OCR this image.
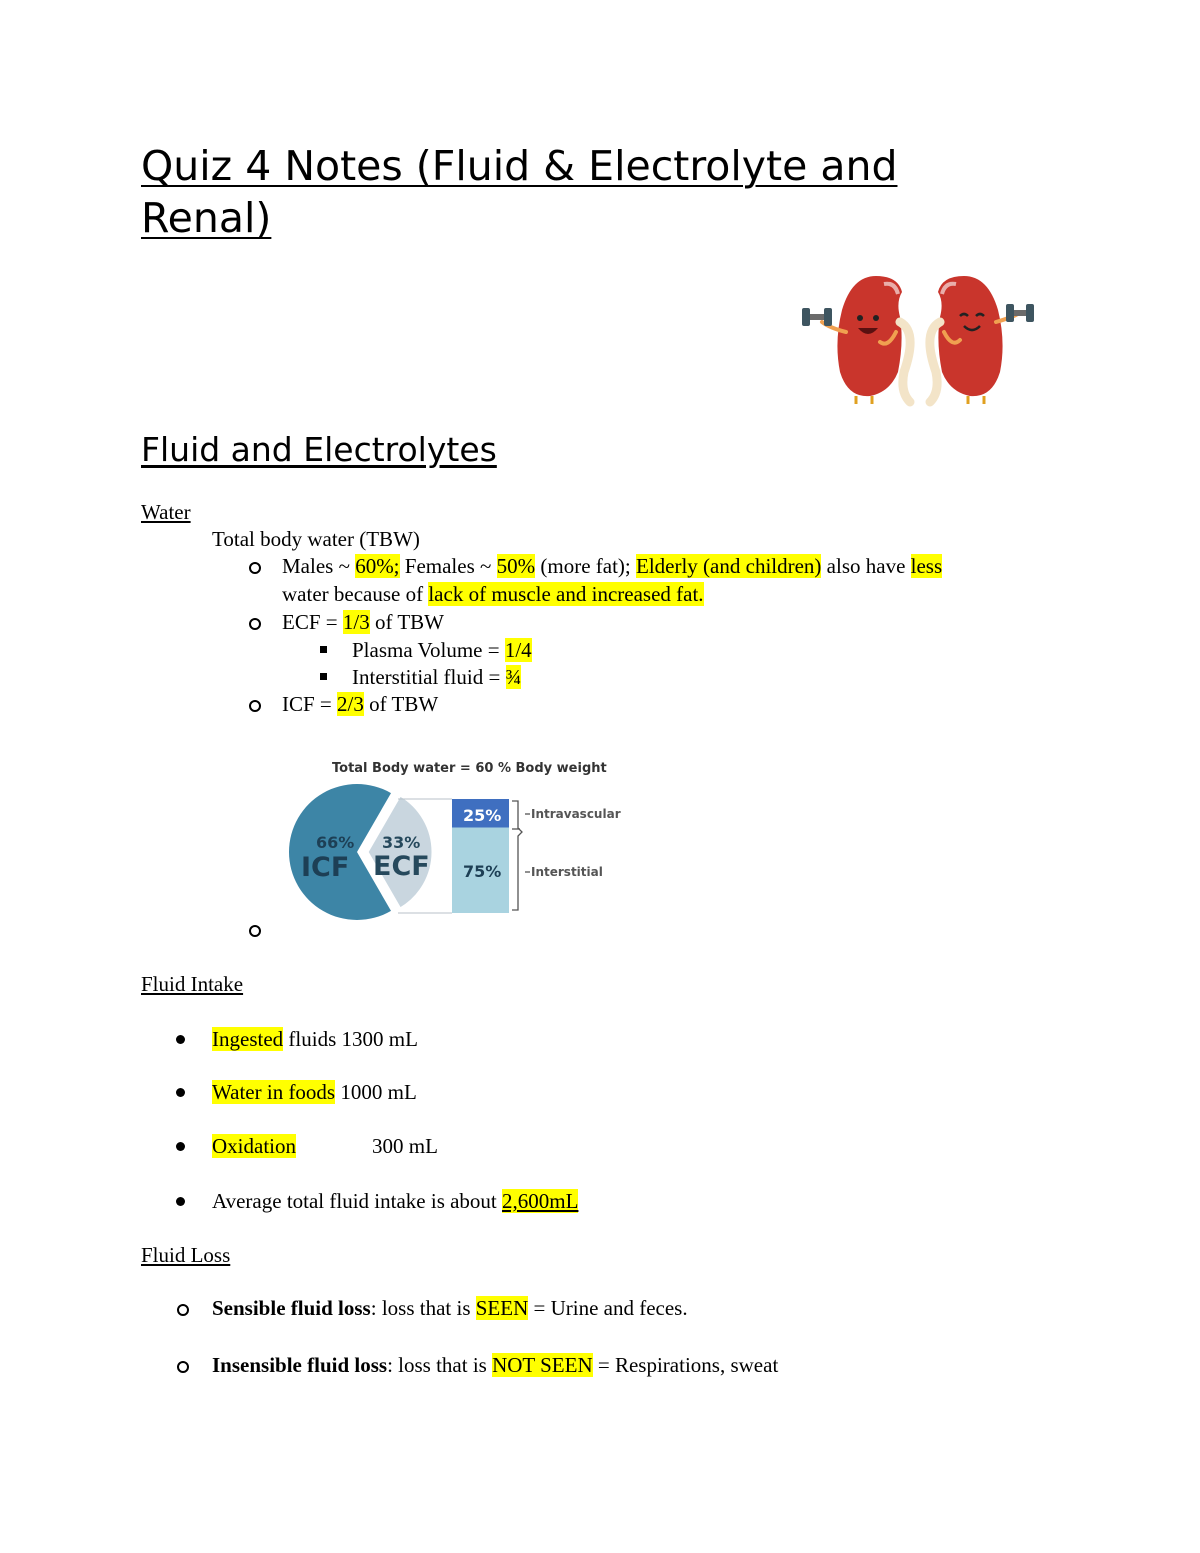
Quiz 4 Notes (Fluid & Electrolyte and
Renal)
Fluid and Electrolytes
Water
Total body water (TBW)
Males ~ 60%; Females ~ 50% (more fat); Elderly (and children) also have less
water because of lack of muscle and increased fat.
ECF = 1/3 of TBW
Plasma Volume = 1/4
Interstitial fluid = ¾
ICF = 2/3 of TBW
Total Body water = 60 % Body weight
66%
ICF
33%
ECF
25%
75%
Intravascular
Interstitial
Fluid Intake
Ingested fluids 1300 mL
Water in foods 1000 mL
Oxidation	300 mL
Average total fluid intake is about 2,600mL
Fluid Loss
Sensible fluid loss: loss that is SEEN = Urine and feces.
Insensible fluid loss: loss that is NOT SEEN = Respirations, sweat
